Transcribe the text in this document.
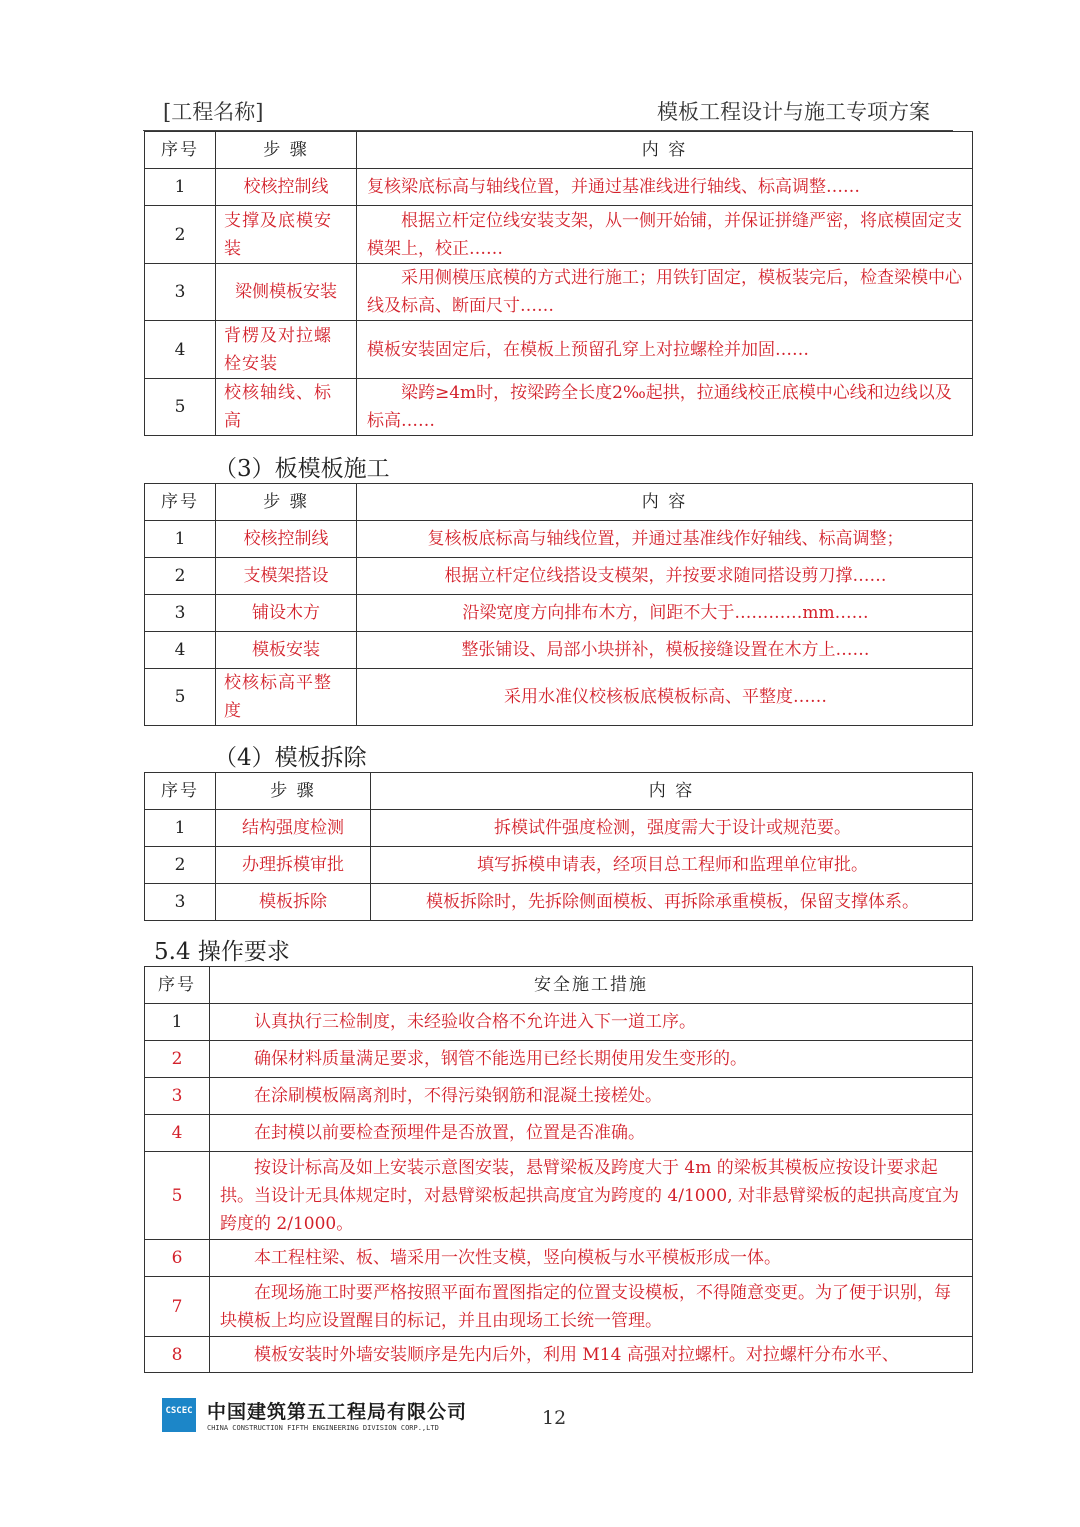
[工程名称]	模板工程设计与施工专项方案
序号	步 骤	内 容
1	校核控制线	复核梁底标高与轴线位置，并通过基准线进行轴线、标高调整……
2	支撑及底模安装	根据立杆定位线安装支架，从一侧开始铺，并保证拼缝严密，将底模固定支模架上，校正……
3	梁侧模板安装	采用侧模压底模的方式进行施工；用铁钉固定，模板装完后，检查梁模中心线及标高、断面尺寸……
4	背楞及对拉螺栓安装	模板安装固定后，在模板上预留孔穿上对拉螺栓并加固……
5	校核轴线、标高	梁跨≥4m时，按梁跨全长度2‰起拱，拉通线校正底模中心线和边线以及标高……
（3）板模板施工
序号	步 骤	内 容
1	校核控制线	复核板底标高与轴线位置，并通过基准线作好轴线、标高调整；
2	支模架搭设	根据立杆定位线搭设支模架，并按要求随同搭设剪刀撑……
3	铺设木方	沿梁宽度方向排布木方，间距不大于…………mm……
4	模板安装	整张铺设、局部小块拼补，模板接缝设置在木方上……
5	校核标高平整度	采用水准仪校核板底模板标高、平整度……
（4）模板拆除
序号	步 骤	内 容
1	结构强度检测	拆模试件强度检测，强度需大于设计或规范要。
2	办理拆模审批	填写拆模申请表，经项目总工程师和监理单位审批。
3	模板拆除	模板拆除时，先拆除侧面模板、再拆除承重模板，保留支撑体系。
5.4 操作要求
序号	安全施工措施
1	认真执行三检制度，未经验收合格不允许进入下一道工序。
2	确保材料质量满足要求，钢管不能选用已经长期使用发生变形的。
3	在涂刷模板隔离剂时，不得污染钢筋和混凝土接槎处。
4	在封模以前要检查预埋件是否放置，位置是否准确。
5	按设计标高及如上安装示意图安装，悬臂梁板及跨度大于 4m 的梁板其模板应按设计要求起拱。当设计无具体规定时，对悬臂梁板起拱高度宜为跨度的 4/1000, 对非悬臂梁板的起拱高度宜为跨度的 2/1000。
6	本工程柱梁、板、墙采用一次性支模，竖向模板与水平模板形成一体。
7	在现场施工时要严格按照平面布置图指定的位置支设模板，不得随意变更。为了便于识别，每块模板上均应设置醒目的标记，并且由现场工长统一管理。
8	模板安装时外墙安装顺序是先内后外，利用 M14 高强对拉螺杆。对拉螺杆分布水平、
CSCEC 中国建筑第五工程局有限公司
CHINA CONSTRUCTION FIFTH ENGINEERING DIVISION CORP.,LTD	12
